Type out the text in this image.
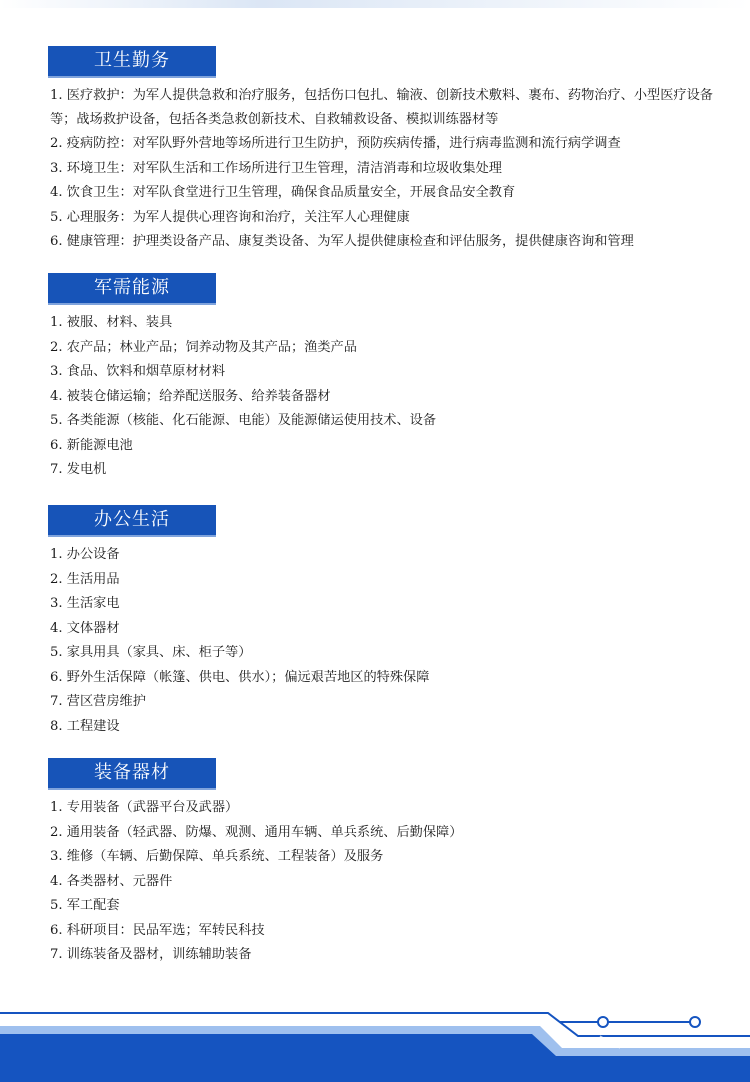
卫生勤务
1. 医疗救护：为军人提供急救和治疗服务，包括伤口包扎、输液、创新技术敷料、裹布、药物治疗、小型医疗设备等；战场救护设备，包括各类急救创新技术、自救辅救设备、模拟训练器材等
2. 疫病防控：对军队野外营地等场所进行卫生防护，预防疾病传播，进行病毒监测和流行病学调查
3. 环境卫生：对军队生活和工作场所进行卫生管理，清洁消毒和垃圾收集处理
4. 饮食卫生：对军队食堂进行卫生管理，确保食品质量安全，开展食品安全教育
5. 心理服务：为军人提供心理咨询和治疗，关注军人心理健康
6. 健康管理：护理类设备产品、康复类设备、为军人提供健康检查和评估服务，提供健康咨询和管理
军需能源
1. 被服、材料、装具
2. 农产品；林业产品；饲养动物及其产品；渔类产品
3. 食品、饮料和烟草原材材料
4. 被装仓储运输；给养配送服务、给养装备器材
5. 各类能源（核能、化石能源、电能）及能源储运使用技术、设备
6. 新能源电池
7. 发电机
办公生活
1. 办公设备
2. 生活用品
3. 生活家电
4. 文体器材
5. 家具用具（家具、床、柜子等）
6. 野外生活保障（帐篷、供电、供水）；偏远艰苦地区的特殊保障
7. 营区营房维护
8. 工程建设
装备器材
1. 专用装备（武器平台及武器）
2. 通用装备（轻武器、防爆、观测、通用车辆、单兵系统、后勤保障）
3. 维修（车辆、后勤保障、单兵系统、工程装备）及服务
4. 各类器材、元器件
5. 军工配套
6. 科研项目：民品军选；军转民科技
7. 训练装备及器材，训练辅助装备
